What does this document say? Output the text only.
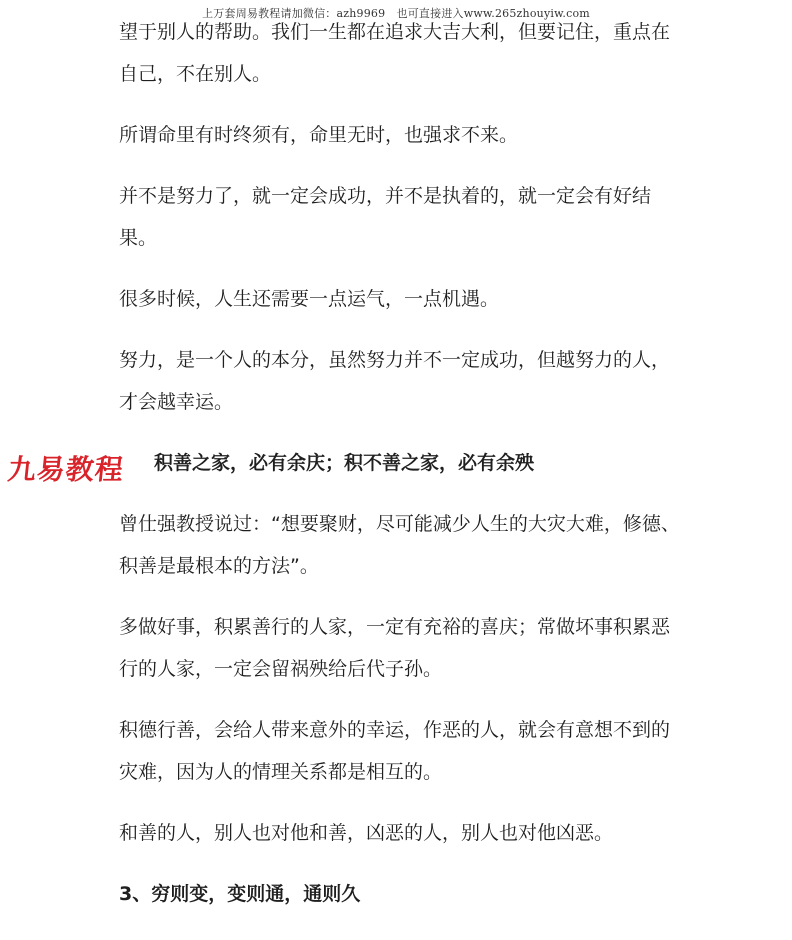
上万套周易教程请加微信：azh9969　也可直接进入www.265zhouyiw.com

望于别人的帮助。我们一生都在追求大吉大利，但要记住，重点在自己，不在别人。

所谓命里有时终须有，命里无时，也强求不来。

并不是努力了，就一定会成功，并不是执着的，就一定会有好结果。

很多时候，人生还需要一点运气，一点机遇。

努力，是一个人的本分，虽然努力并不一定成功，但越努力的人，才会越幸运。

积善之家，必有余庆；积不善之家，必有余殃

曾仕强教授说过：“想要聚财，尽可能减少人生的大灾大难，修德、积善是最根本的方法”。

多做好事，积累善行的人家，一定有充裕的喜庆；常做坏事积累恶行的人家，一定会留祸殃给后代子孙。

积德行善，会给人带来意外的幸运，作恶的人，就会有意想不到的灾难，因为人的情理关系都是相互的。

和善的人，别人也对他和善，凶恶的人，别人也对他凶恶。

3、穷则变，变则通，通则久

九易教程
